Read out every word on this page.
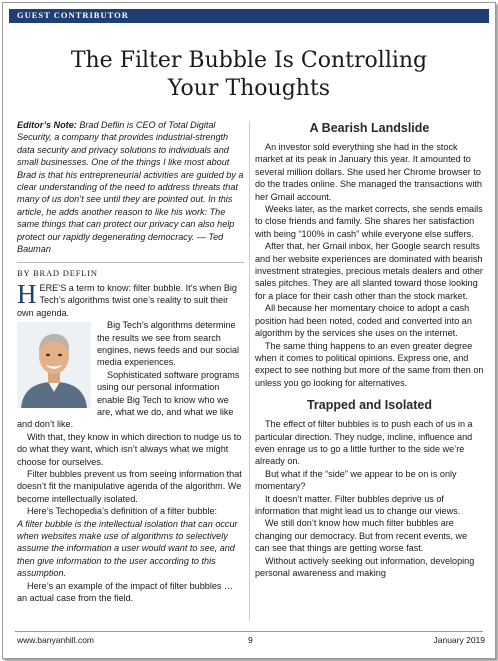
GUEST CONTRIBUTOR
The Filter Bubble Is Controlling
Your Thoughts

Editor’s Note: Brad Deflin is CEO of Total Digital Security, a company that provides industrial-strength data security and privacy solutions to individuals and small businesses. One of the things I like most about Brad is that his entrepreneurial activities are guided by a clear understanding of the need to address threats that many of us don’t see until they are pointed out. In this article, he adds another reason to like his work: The same things that can protect our privacy can also help protect our rapidly degenerating democracy. — Ted Bauman

BY BRAD DEFLIN

HERE’S a term to know: filter bubble. It’s when Big Tech’s algorithms twist one’s reality to suit their own agenda.

Big Tech’s algorithms determine the results we see from search engines, news feeds and our social media experiences.

Sophisticated software programs using our personal information enable Big Tech to know who we are, what we do, and what we like and don’t like.

With that, they know in which direction to nudge us to do what they want, which isn’t always what we might choose for ourselves.

Filter bubbles prevent us from seeing information that doesn’t fit the manipulative agenda of the algorithm. We become intellectually isolated.

Here’s Techopedia’s definition of a filter bubble:

A filter bubble is the intellectual isolation that can occur when websites make use of algorithms to selectively assume the information a user would want to see, and then give information to the user according to this assumption.

Here’s an example of the impact of filter bubbles … an actual case from the field.

A Bearish Landslide

An investor sold everything she had in the stock market at its peak in January this year. It amounted to several million dollars. She used her Chrome browser to do the trades online. She managed the transactions with her Gmail account.

Weeks later, as the market corrects, she sends emails to close friends and family. She shares her satisfaction with being “100% in cash” while everyone else suffers.

After that, her Gmail inbox, her Google search results and her website experiences are dominated with bearish investment strategies, precious metals dealers and other sales pitches. They are all slanted toward those looking for a place for their cash other than the stock market.

All because her momentary choice to adopt a cash position had been noted, coded and converted into an algorithm by the services she uses on the internet.

The same thing happens to an even greater degree when it comes to political opinions. Express one, and expect to see nothing but more of the same from then on unless you go looking for alternatives.

Trapped and Isolated

The effect of filter bubbles is to push each of us in a particular direction. They nudge, incline, influence and even enrage us to go a little further to the side we’re already on.

But what if the “side” we appear to be on is only momentary?

It doesn’t matter. Filter bubbles deprive us of information that might lead us to change our views.

We still don’t know how much filter bubbles are changing our democracy. But from recent events, we can see that things are getting worse fast.

Without actively seeking out information, developing personal awareness and making

www.banyanhill.com	9	January 2019
